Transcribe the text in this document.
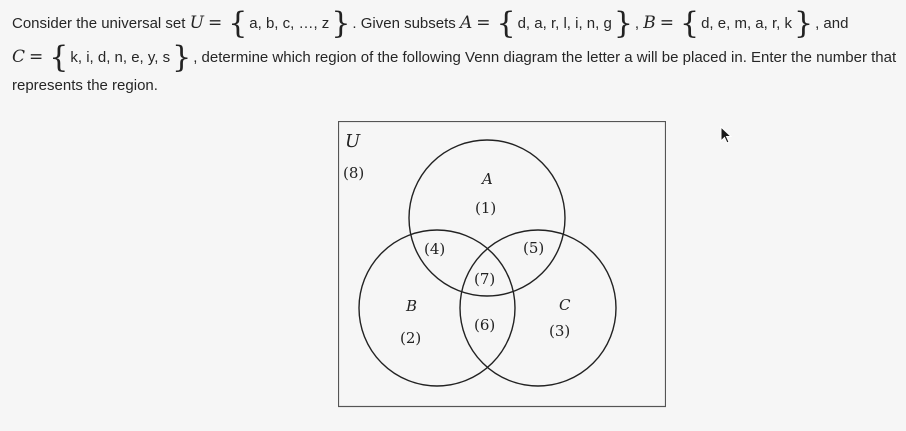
Consider the universal set U = { a, b, c, …, z} . Given subsets A = { d, a, r, l, i, n, g} , B = { d, e, m, a, r, k} , and
C = { k, i, d, n, e, y, s} , determine which region of the following Venn diagram the letter a will be placed in. Enter the number that
represents the region.
U
(8)	A
(1)
(4)	(5)
(7)
B	C
(6)
(2)	(3)
